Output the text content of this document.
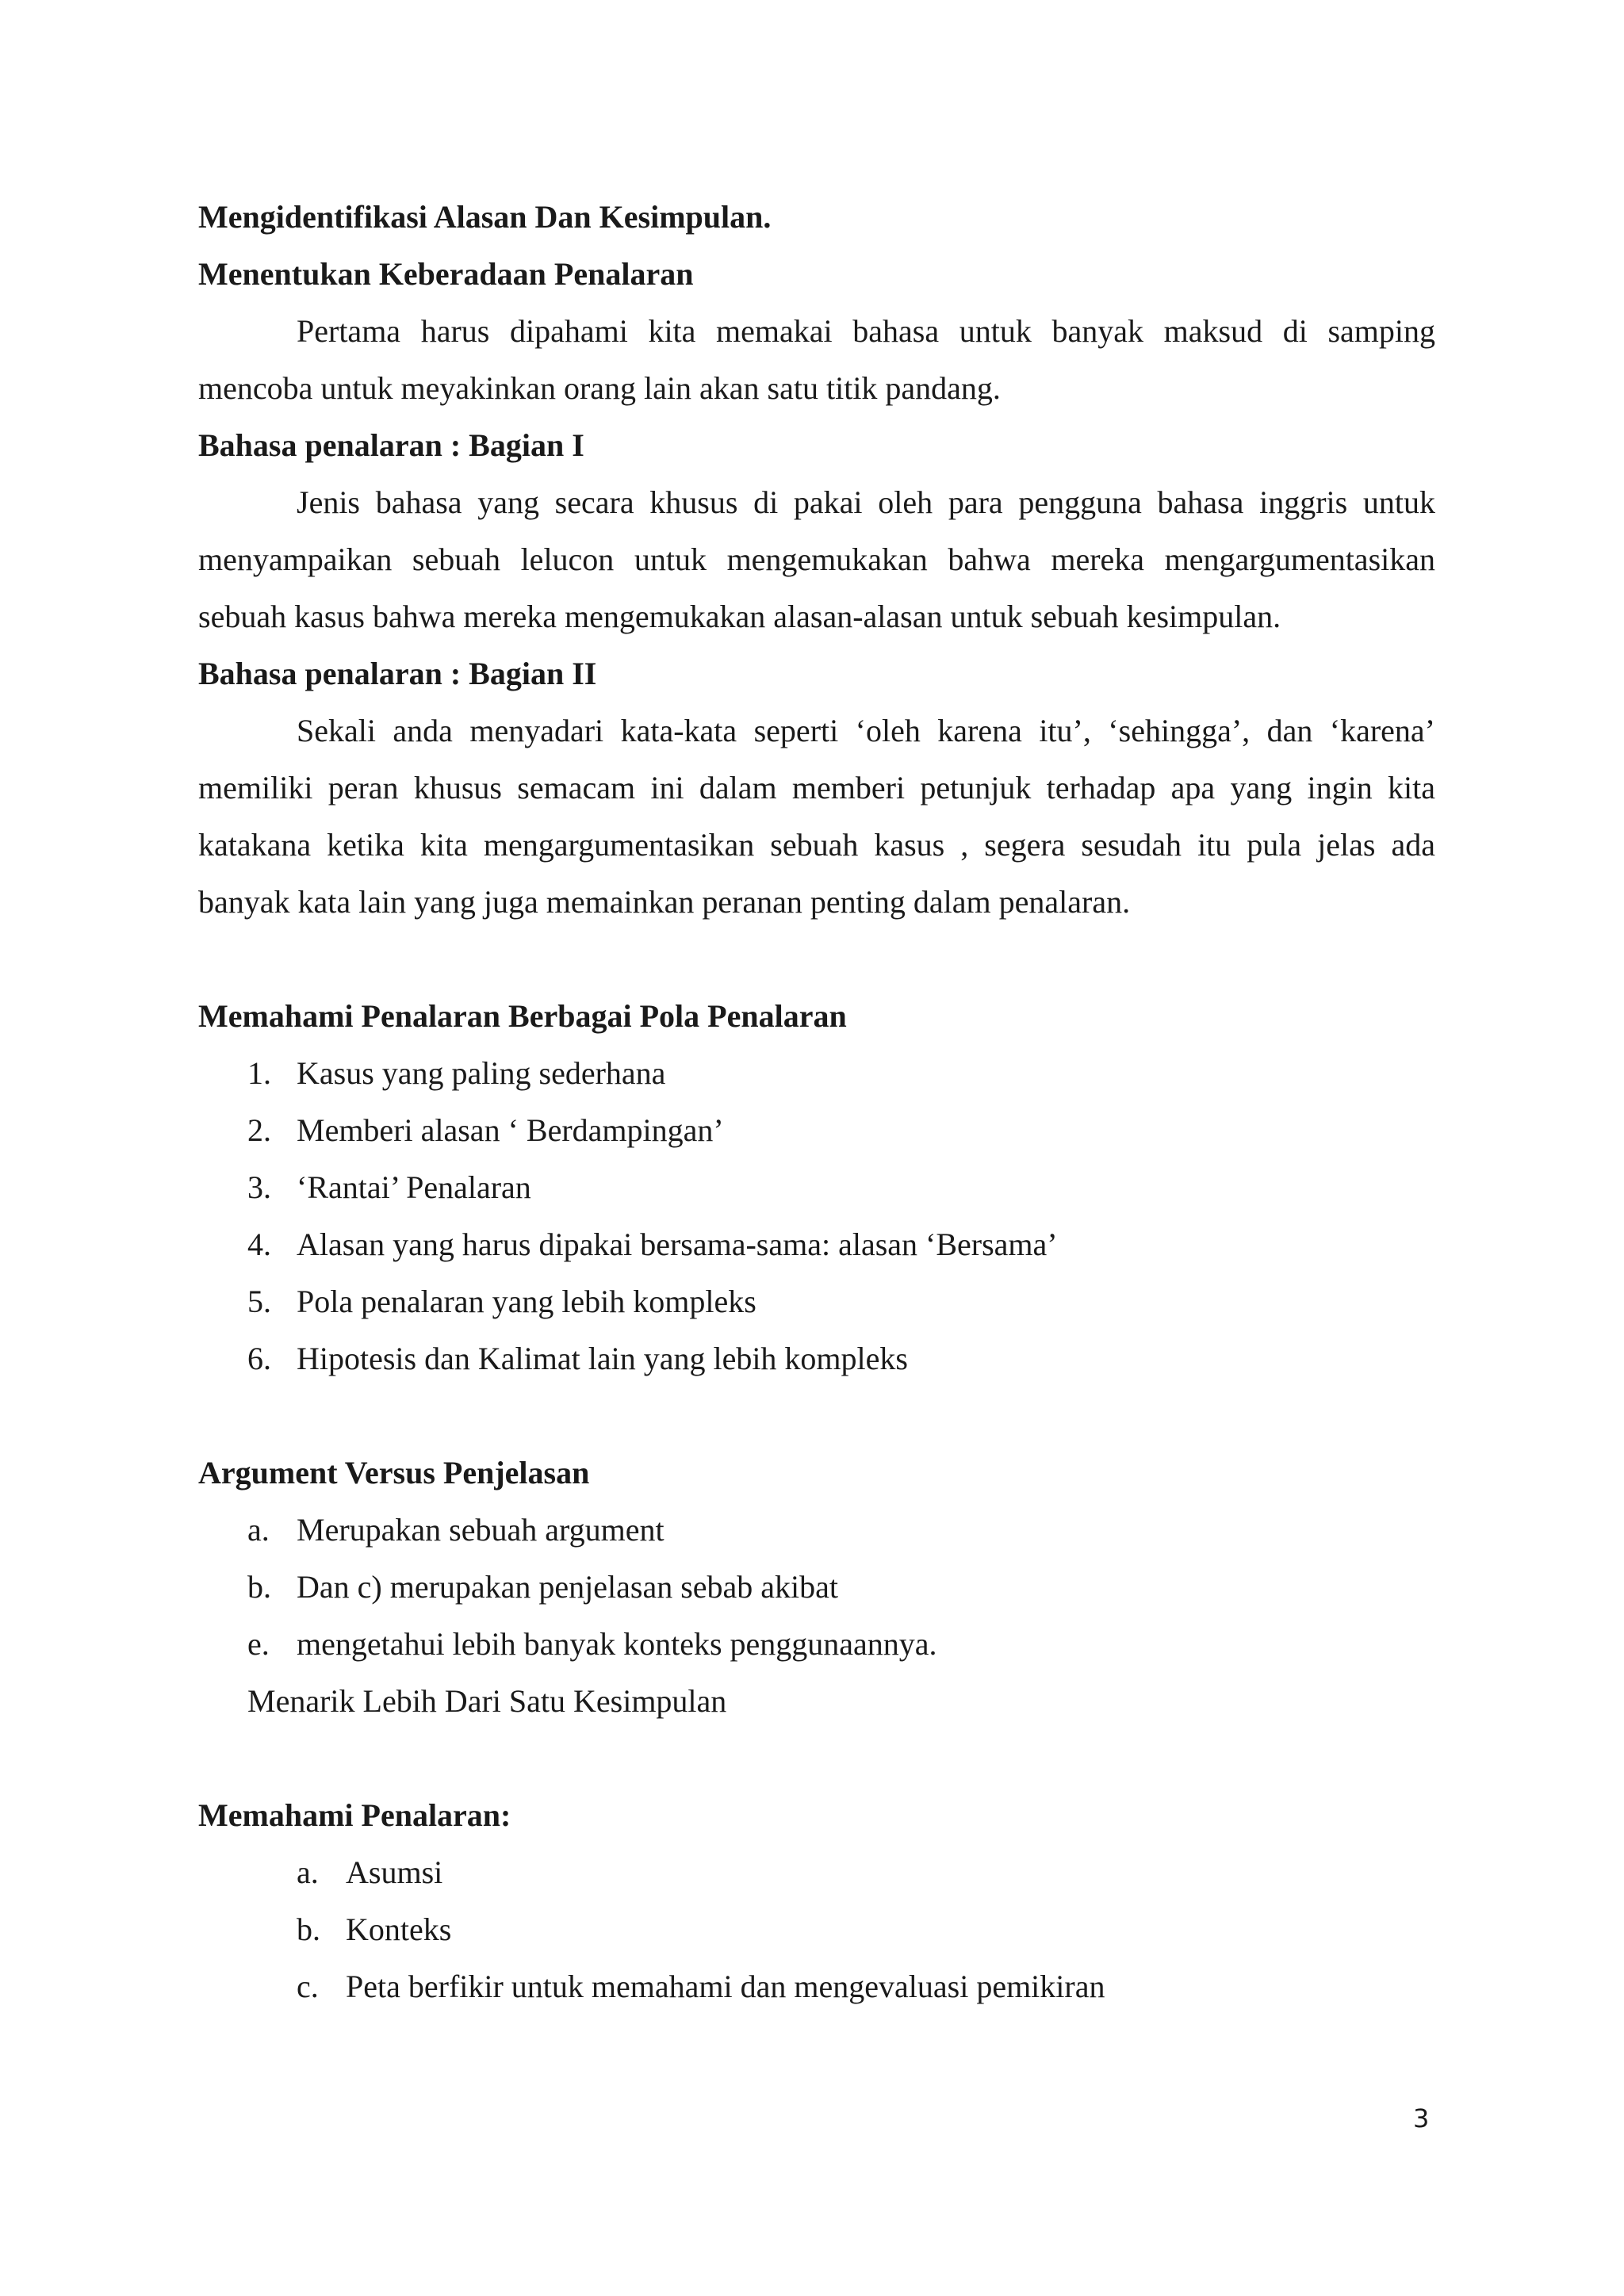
Mengidentifikasi Alasan Dan Kesimpulan.
Menentukan Keberadaan Penalaran
Pertama harus dipahami kita memakai bahasa untuk banyak maksud di samping
mencoba untuk meyakinkan orang lain akan satu titik pandang.
Bahasa penalaran : Bagian I
Jenis bahasa yang secara khusus di pakai oleh para pengguna bahasa inggris untuk
menyampaikan sebuah lelucon untuk mengemukakan bahwa mereka mengargumentasikan
sebuah kasus bahwa mereka mengemukakan alasan-alasan untuk sebuah kesimpulan.
Bahasa penalaran : Bagian II
Sekali anda menyadari kata-kata seperti ‘oleh karena itu’, ‘sehingga’, dan ‘karena’
memiliki peran khusus semacam ini dalam memberi petunjuk terhadap apa yang ingin kita
katakana ketika kita mengargumentasikan sebuah kasus , segera sesudah itu pula jelas ada
banyak kata lain yang juga memainkan peranan penting dalam penalaran.
Memahami Penalaran Berbagai Pola Penalaran
1. Kasus yang paling sederhana
2. Memberi alasan ‘ Berdampingan’
3. ‘Rantai’ Penalaran
4. Alasan yang harus dipakai bersama-sama: alasan ‘Bersama’
5. Pola penalaran yang lebih kompleks
6. Hipotesis dan Kalimat lain yang lebih kompleks
Argument Versus Penjelasan
a. Merupakan sebuah argument
b. Dan c) merupakan penjelasan sebab akibat
e. mengetahui lebih banyak konteks penggunaannya.
Menarik Lebih Dari Satu Kesimpulan
Memahami Penalaran:
a. Asumsi
b. Konteks
c. Peta berfikir untuk memahami dan mengevaluasi pemikiran
3
